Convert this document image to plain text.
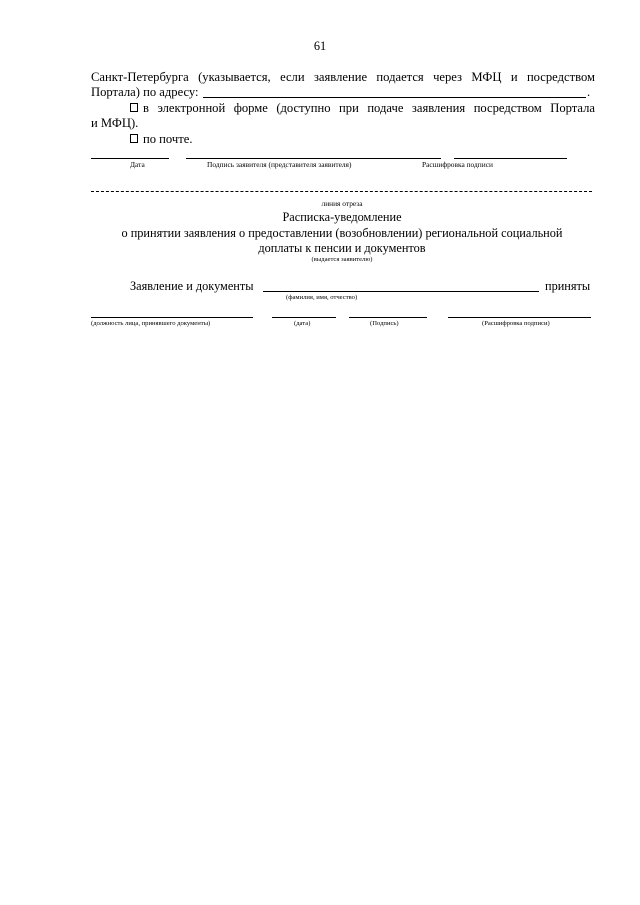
61
Санкт-Петербурга (указывается, если заявление подается через МФЦ и посредством
Портала) по адресу:	.
в электронной форме (доступно при подаче заявления посредством Портала
и МФЦ).
по почте.
Дата	Подпись заявителя (представителя заявителя)	Расшифровка подписи
линия отреза
Расписка-уведомление
о принятии заявления о предоставлении (возобновлении) региональной социальной
доплаты к пенсии и документов
(выдается заявителю)
Заявление и документы	приняты
(фамилия, имя, отчество)
(должность лица, принявшего документы)	(дата)	(Подпись)	(Расшифровка подписи)
